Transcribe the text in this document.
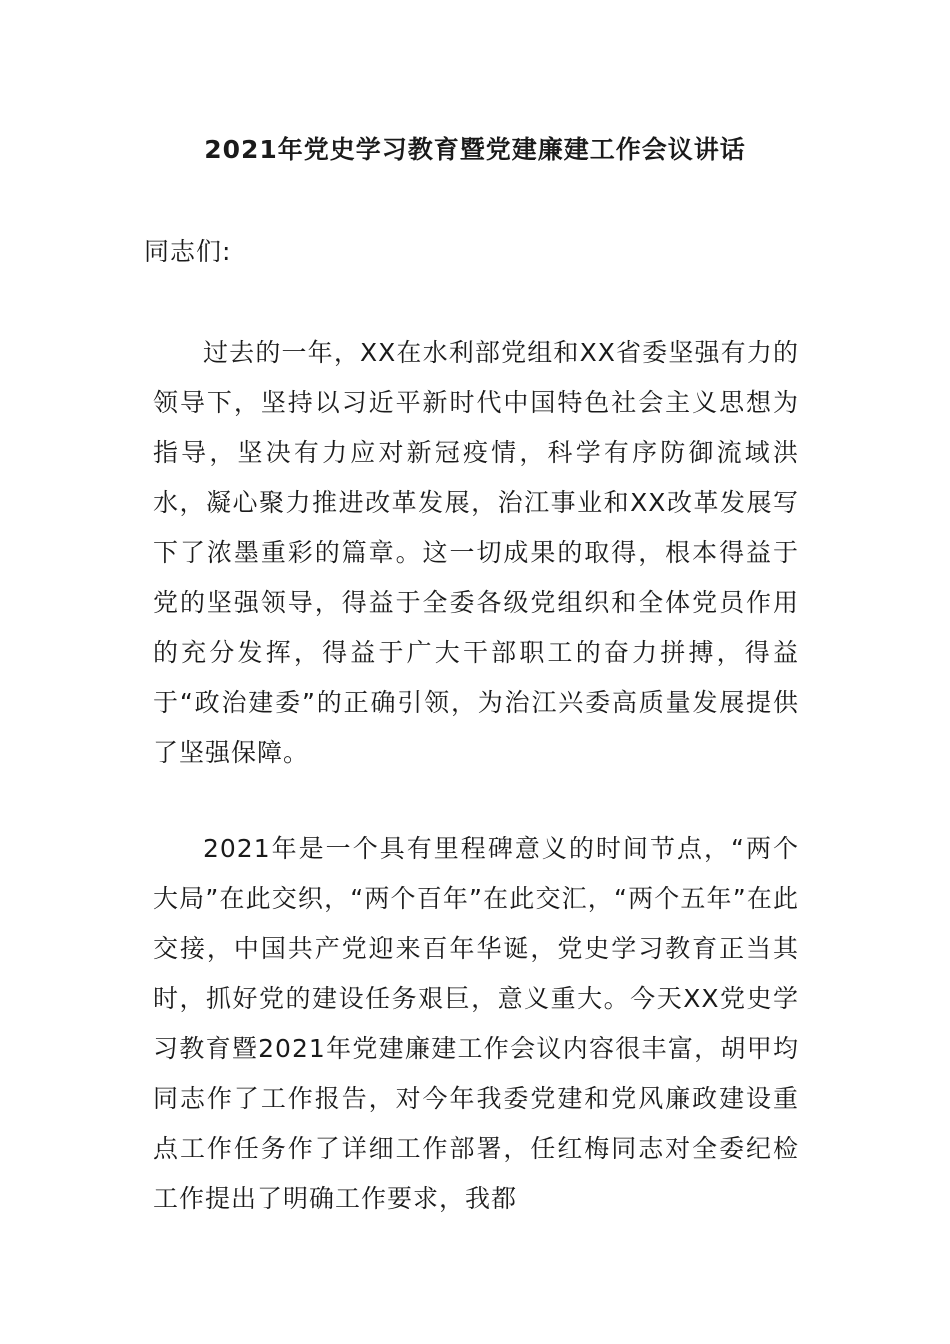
2021年党史学习教育暨党建廉建工作会议讲话

同志们:

过去的一年，XX在水利部党组和XX省委坚强有力的领导下，坚持以习近平新时代中国特色社会主义思想为指导，坚决有力应对新冠疫情，科学有序防御流域洪水，凝心聚力推进改革发展，治江事业和XX改革发展写下了浓墨重彩的篇章。这一切成果的取得，根本得益于党的坚强领导，得益于全委各级党组织和全体党员作用的充分发挥，得益于广大干部职工的奋力拼搏，得益于“政治建委”的正确引领，为治江兴委高质量发展提供了坚强保障。

2021年是一个具有里程碑意义的时间节点，“两个大局”在此交织，“两个百年”在此交汇，“两个五年”在此交接，中国共产党迎来百年华诞，党史学习教育正当其时，抓好党的建设任务艰巨，意义重大。今天XX党史学习教育暨2021年党建廉建工作会议内容很丰富，胡甲均同志作了工作报告，对今年我委党建和党风廉政建设重点工作任务作了详细工作部署，任红梅同志对全委纪检工作提出了明确工作要求，我都
